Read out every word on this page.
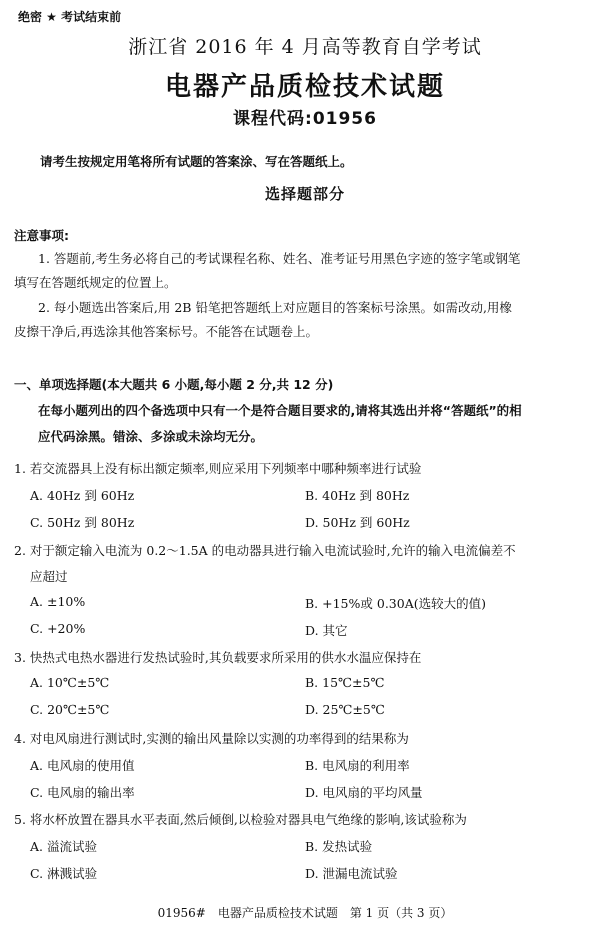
绝密 ★ 考试结束前
浙江省 2016 年 4 月高等教育自学考试
电器产品质检技术试题
课程代码:01956
请考生按规定用笔将所有试题的答案涂、写在答题纸上。
选择题部分
注意事项:
1. 答题前,考生务必将自己的考试课程名称、姓名、准考证号用黑色字迹的签字笔或钢笔
填写在答题纸规定的位置上。
2. 每小题选出答案后,用 2B 铅笔把答题纸上对应题目的答案标号涂黑。如需改动,用橡
皮擦干净后,再选涂其他答案标号。不能答在试题卷上。
一、单项选择题(本大题共 6 小题,每小题 2 分,共 12 分)
在每小题列出的四个备选项中只有一个是符合题目要求的,请将其选出并将“答题纸”的相
应代码涂黑。错涂、多涂或未涂均无分。
1. 若交流器具上没有标出额定频率,则应采用下列频率中哪种频率进行试验
A. 40Hz 到 60Hz	B. 40Hz 到 80Hz
C. 50Hz 到 80Hz	D. 50Hz 到 60Hz
2. 对于额定输入电流为 0.2～1.5A 的电动器具进行输入电流试验时,允许的输入电流偏差不
应超过
A. ±10%	B. +15%或 0.30A(选较大的值)
C. +20%	D. 其它
3. 快热式电热水器进行发热试验时,其负载要求所采用的供水水温应保持在
A. 10℃±5℃	B. 15℃±5℃
C. 20℃±5℃	D. 25℃±5℃
4. 对电风扇进行测试时,实测的输出风量除以实测的功率得到的结果称为
A. 电风扇的使用值	B. 电风扇的利用率
C. 电风扇的输出率	D. 电风扇的平均风量
5. 将水杯放置在器具水平表面,然后倾倒,以检验对器具电气绝缘的影响,该试验称为
A. 溢流试验	B. 发热试验
C. 淋溅试验	D. 泄漏电流试验
01956#　电器产品质检技术试题　第 1 页（共 3 页）
